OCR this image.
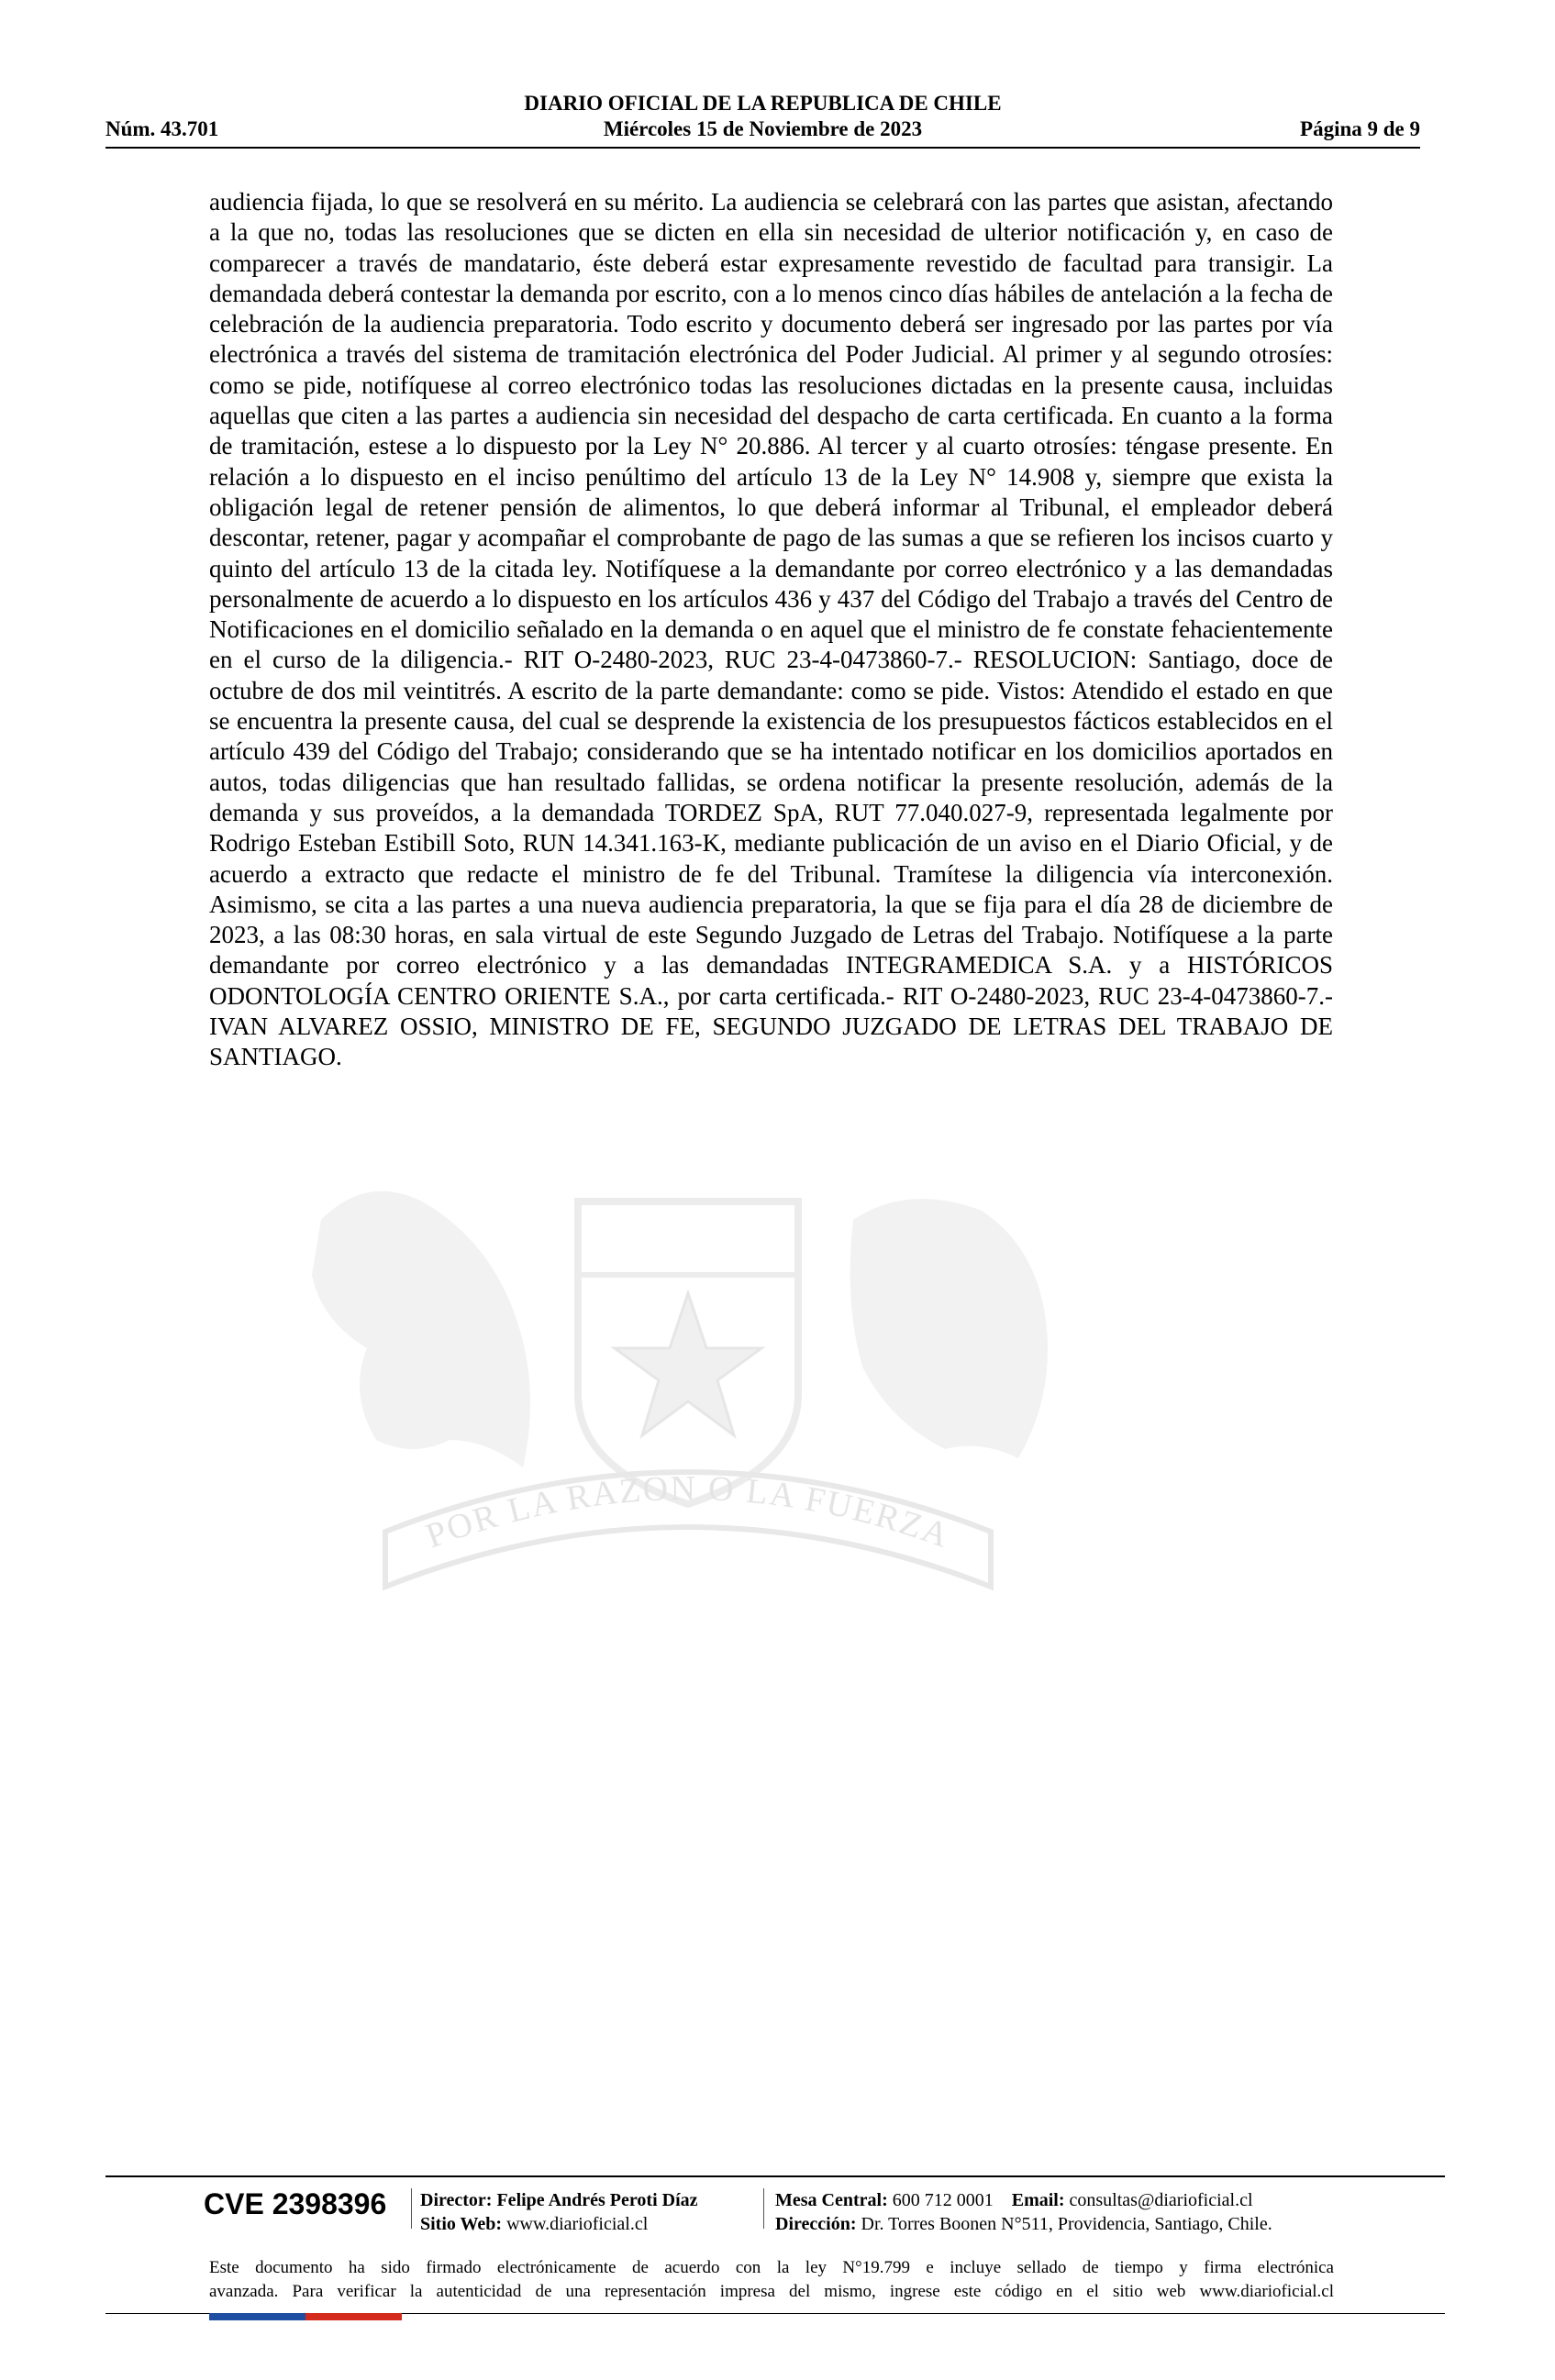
DIARIO OFICIAL DE LA REPUBLICA DE CHILE
Núm. 43.701	Miércoles 15 de Noviembre de 2023	Página 9 de 9
POR LA RAZON O LA FUERZA

audiencia fijada, lo que se resolverá en su mérito. La audiencia se celebrará con las partes que asistan, afectando a la que no, todas las resoluciones que se dicten en ella sin necesidad de ulterior notificación y, en caso de comparecer a través de mandatario, éste deberá estar expresamente revestido de facultad para transigir. La demandada deberá contestar la demanda por escrito, con a lo menos cinco días hábiles de antelación a la fecha de celebración de la audiencia preparatoria. Todo escrito y documento deberá ser ingresado por las partes por vía electrónica a través del sistema de tramitación electrónica del Poder Judicial. Al primer y al segundo otrosíes: como se pide, notifíquese al correo electrónico todas las resoluciones dictadas en la presente causa, incluidas aquellas que citen a las partes a audiencia sin necesidad del despacho de carta certificada. En cuanto a la forma de tramitación, estese a lo dispuesto por la Ley N° 20.886. Al tercer y al cuarto otrosíes: téngase presente. En relación a lo dispuesto en el inciso penúltimo del artículo 13 de la Ley N° 14.908 y, siempre que exista la obligación legal de retener pensión de alimentos, lo que deberá informar al Tribunal, el empleador deberá descontar, retener, pagar y acompañar el comprobante de pago de las sumas a que se refieren los incisos cuarto y quinto del artículo 13 de la citada ley. Notifíquese a la demandante por correo electrónico y a las demandadas personalmente de acuerdo a lo dispuesto en los artículos 436 y 437 del Código del Trabajo a través del Centro de Notificaciones en el domicilio señalado en la demanda o en aquel que el ministro de fe constate fehacientemente en el curso de la diligencia.- RIT O-2480-2023, RUC 23-4-0473860-7.- RESOLUCION: Santiago, doce de octubre de dos mil veintitrés. A escrito de la parte demandante: como se pide. Vistos: Atendido el estado en que se encuentra la presente causa, del cual se desprende la existencia de los presupuestos fácticos establecidos en el artículo 439 del Código del Trabajo; considerando que se ha intentado notificar en los domicilios aportados en autos, todas diligencias que han resultado fallidas, se ordena notificar la presente resolución, además de la demanda y sus proveídos, a la demandada TORDEZ SpA, RUT 77.040.027-9, representada legalmente por Rodrigo Esteban Estibill Soto, RUN 14.341.163-K, mediante publicación de un aviso en el Diario Oficial, y de acuerdo a extracto que redacte el ministro de fe del Tribunal. Tramítese la diligencia vía interconexión. Asimismo, se cita a las partes a una nueva audiencia preparatoria, la que se fija para el día 28 de diciembre de 2023, a las 08:30 horas, en sala virtual de este Segundo Juzgado de Letras del Trabajo. Notifíquese a la parte demandante por correo electrónico y a las demandadas INTEGRAMEDICA S.A. y a HISTÓRICOS ODONTOLOGÍA CENTRO ORIENTE S.A., por carta certificada.- RIT O-2480-2023, RUC 23-4-0473860-7.- IVAN ALVAREZ OSSIO, MINISTRO DE FE, SEGUNDO JUZGADO DE LETRAS DEL TRABAJO DE SANTIAGO.

CVE 2398396 Director: Felipe Andrés Peroti Díaz
Sitio Web: www.diarioficial.cl
Mesa Central: 600 712 0001 Email: consultas@diarioficial.cl
Dirección: Dr. Torres Boonen N°511, Providencia, Santiago, Chile.

Este documento ha sido firmado electrónicamente de acuerdo con la ley N°19.799 e incluye sellado de tiempo y firma electrónica
avanzada. Para verificar la autenticidad de una representación impresa del mismo, ingrese este código en el sitio web www.diarioficial.cl
